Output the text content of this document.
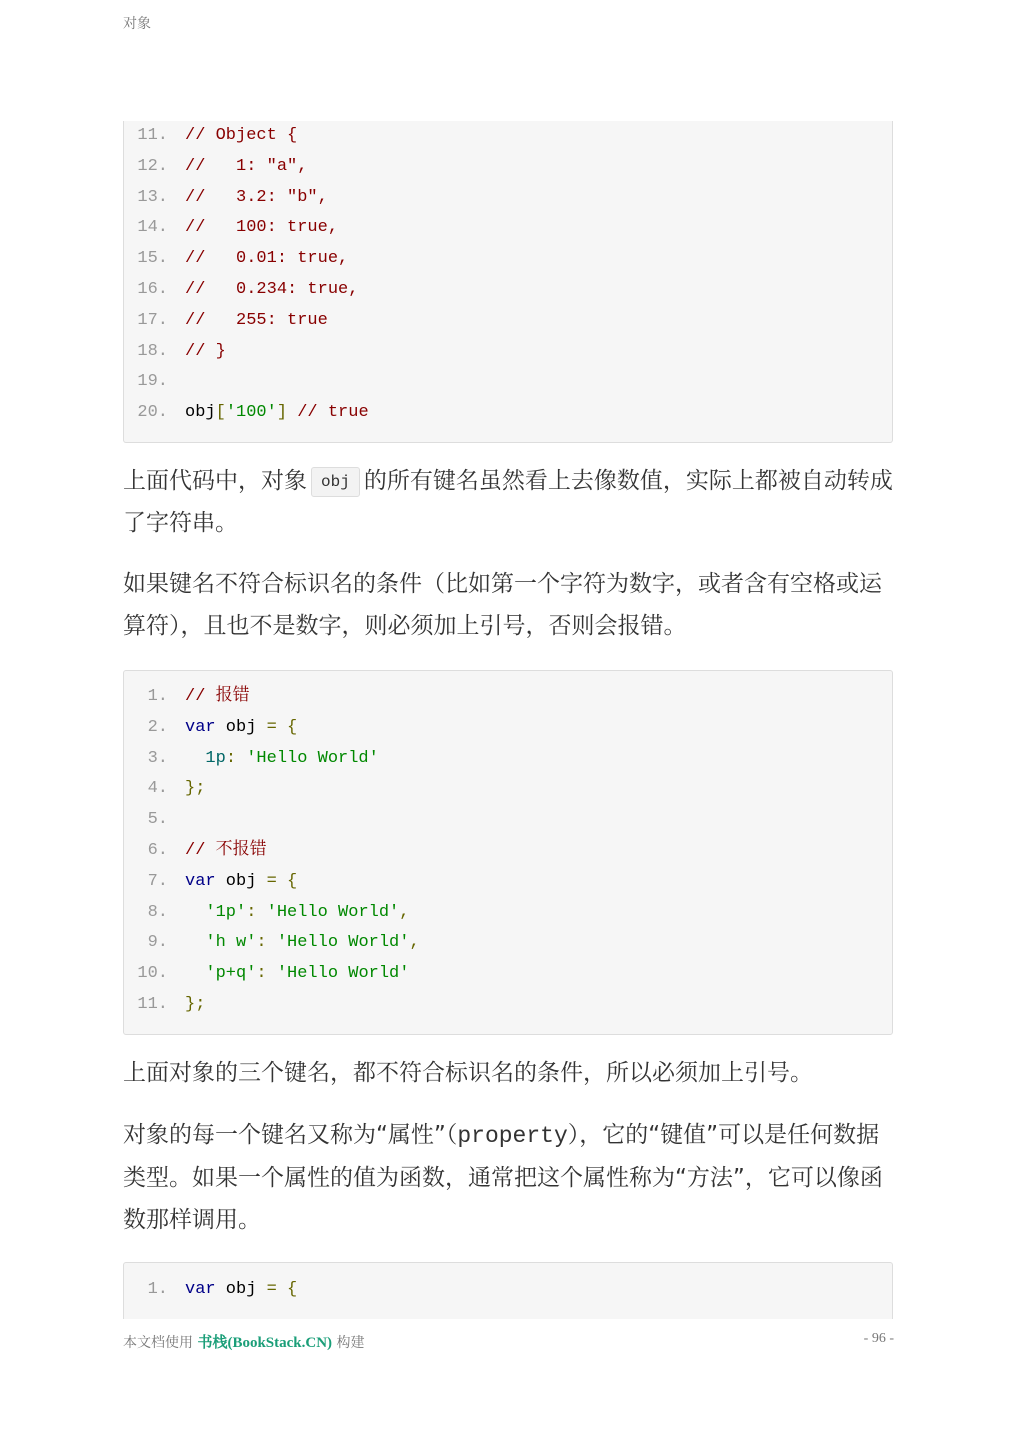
对象
11. // Object {
12. //   1: "a",
13. //   3.2: "b",
14. //   100: true,
15. //   0.01: true,
16. //   0.234: true,
17. //   255: true
18. // }
19.
20. obj['100'] // true

上面代码中，对象 obj 的所有键名虽然看上去像数值，实际上都被自动转成了字符串。

如果键名不符合标识名的条件（比如第一个字符为数字，或者含有空格或运算符），且也不是数字，则必须加上引号，否则会报错。

1. // 报错
2. var obj = {
3.	1p: 'Hello World'
4. };
5.
6. // 不报错
7. var obj = {
8.	'1p': 'Hello World',
9.	'h w': 'Hello World',
10.	'p+q': 'Hello World'
11. };

上面对象的三个键名，都不符合标识名的条件，所以必须加上引号。

对象的每一个键名又称为“属性”（property），它的“键值”可以是任何数据类型。如果一个属性的值为函数，通常把这个属性称为“方法”，它可以像函数那样调用。

1. var obj = {
本文档使用 书栈(BookStack.CN) 构建	- 96 -
